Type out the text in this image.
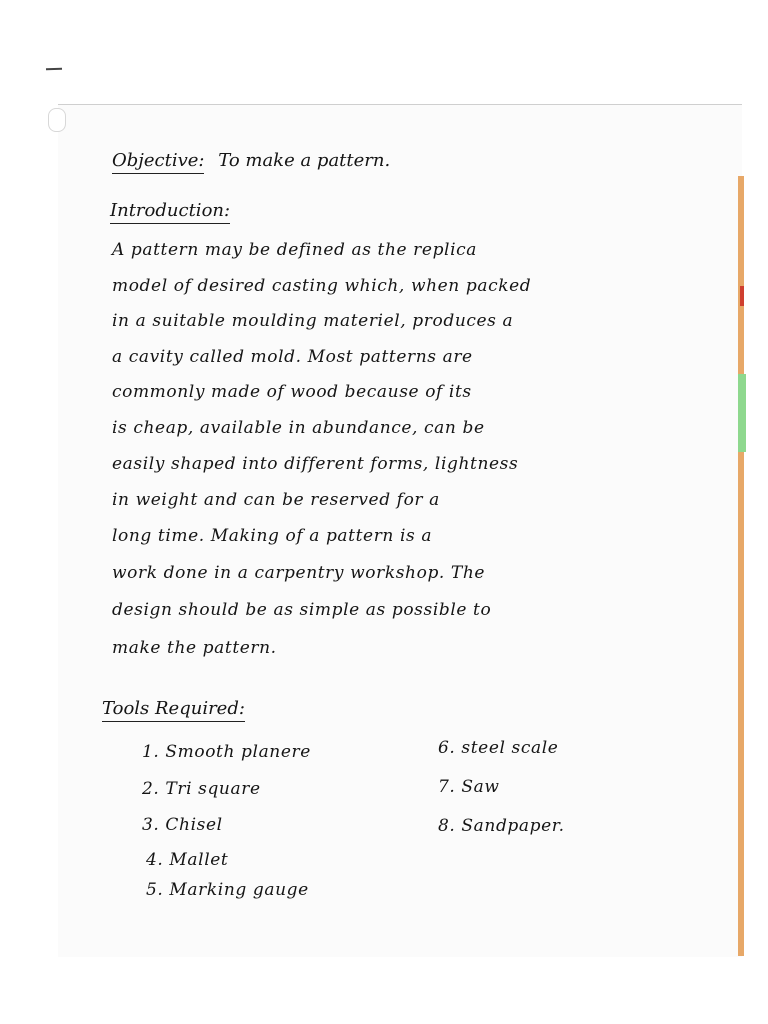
Objective: To make a pattern.
Introduction:
A pattern may be defined as the replica
model of desired casting which, when packed
in a suitable moulding materiel, produces a
a cavity called mold. Most patterns are
commonly made of wood because of its
is cheap, available in abundance, can be
easily shaped into different forms, lightness
in weight and can be reserved for a
long time. Making of a pattern is a
work done in a carpentry workshop. The
design should be as simple as possible to
make the pattern.
Tools Required:
1. Smooth planere
2. Tri square
3. Chisel
4. Mallet
5. Marking gauge
6. steel scale
7. Saw
8. Sandpaper.
